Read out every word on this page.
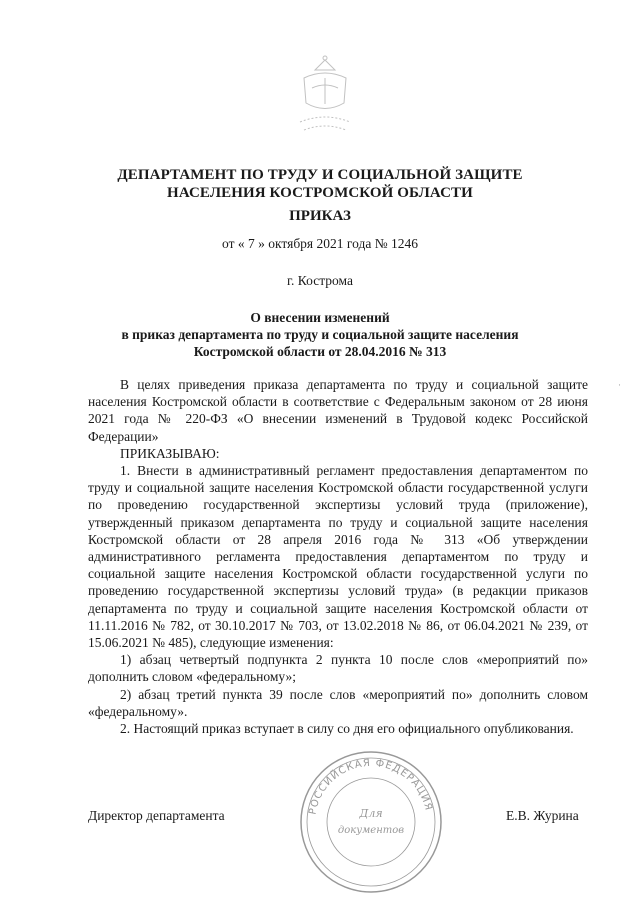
ДЕПАРТАМЕНТ ПО ТРУДУ И СОЦИАЛЬНОЙ ЗАЩИТЕ
НАСЕЛЕНИЯ КОСТРОМСКОЙ ОБЛАСТИ
ПРИКАЗ
от « 7 » октября 2021 года № 1246
г. Кострома
О внесении изменений
в приказ департамента по труду и социальной защите населения
Костромской области от 28.04.2016 № 313

В целях приведения приказа департамента по труду и социальной защите населения Костромской области в соответствие с Федеральным законом от 28 июня 2021 года № 220-ФЗ «О внесении изменений в Трудовой кодекс Российской Федерации»

ПРИКАЗЫВАЮ:

1. Внести в административный регламент предоставления департаментом по труду и социальной защите населения Костромской области государственной услуги по проведению государственной экспертизы условий труда (приложение), утвержденный приказом департамента по труду и социальной защите населения Костромской области от 28 апреля 2016 года № 313 «Об утверждении административного регламента предоставления департаментом по труду и социальной защите населения Костромской области государственной услуги по проведению государственной экспертизы условий труда» (в редакции приказов департамента по труду и социальной защите населения Костромской области от 11.11.2016 № 782, от 30.10.2017 № 703, от 13.02.2018 № 86, от 06.04.2021 № 239, от 15.06.2021 № 485), следующие изменения:

1) абзац четвертый подпункта 2 пункта 10 после слов «мероприятий по» дополнить словом «федеральному»;

2) абзац третий пункта 39 после слов «мероприятий по» дополнить словом «федеральному».

2. Настоящий приказ вступает в силу со дня его официального опубликования.

Директор департамента	Е.В. Журина
РОССИЙСКАЯ ФЕДЕРАЦИЯ
Для
документов
·
